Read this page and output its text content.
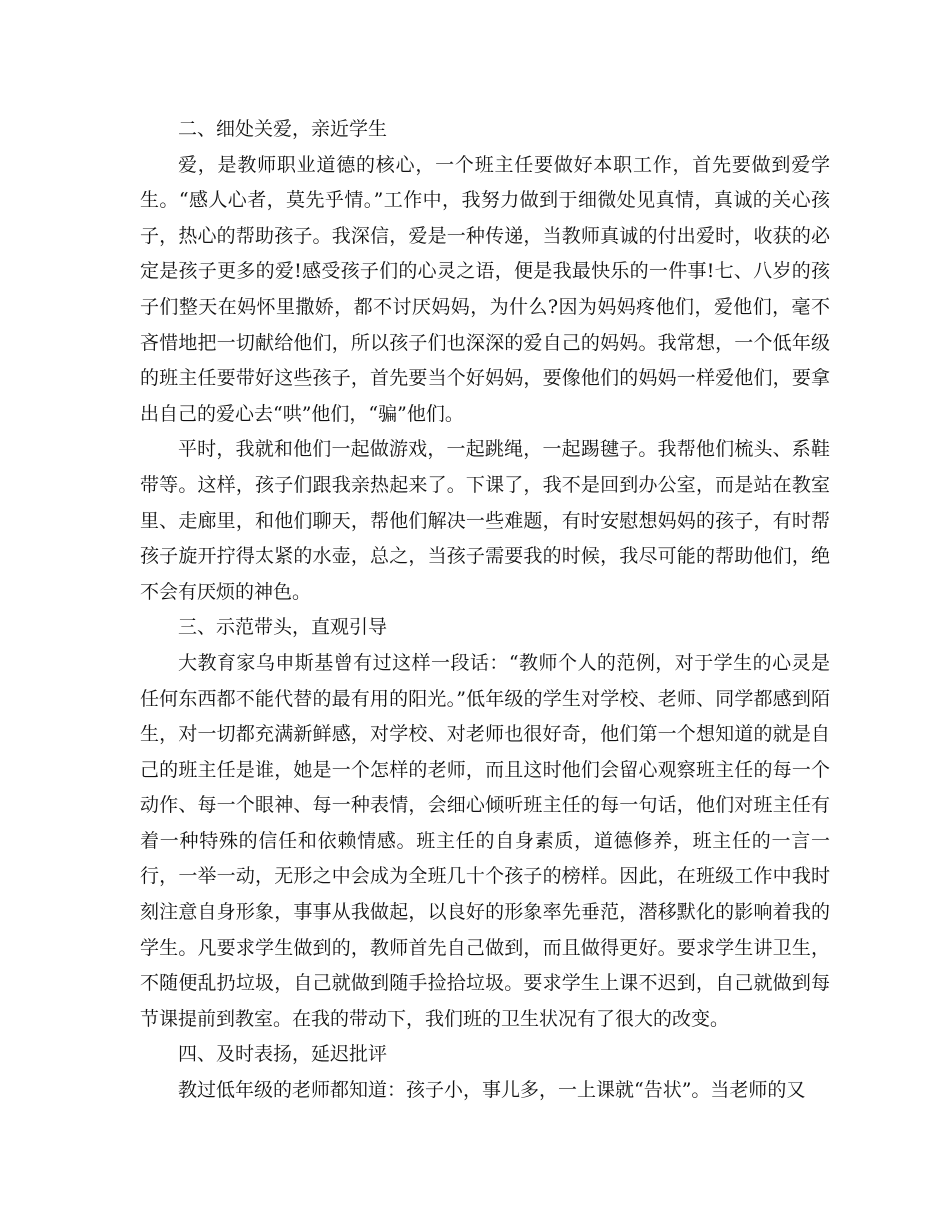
二、细处关爱，亲近学生

爱，是教师职业道德的核心，一个班主任要做好本职工作，首先要做到爱学生。“感人心者，莫先乎情。”工作中，我努力做到于细微处见真情，真诚的关心孩子，热心的帮助孩子。我深信，爱是一种传递，当教师真诚的付出爱时，收获的必定是孩子更多的爱!感受孩子们的心灵之语，便是我最快乐的一件事!七、八岁的孩子们整天在妈怀里撒娇，都不讨厌妈妈，为什么?因为妈妈疼他们，爱他们，毫不吝惜地把一切献给他们，所以孩子们也深深的爱自己的妈妈。我常想，一个低年级的班主任要带好这些孩子，首先要当个好妈妈，要像他们的妈妈一样爱他们，要拿出自己的爱心去“哄”他们，“骗”他们。

平时，我就和他们一起做游戏，一起跳绳，一起踢毽子。我帮他们梳头、系鞋带等。这样，孩子们跟我亲热起来了。下课了，我不是回到办公室，而是站在教室里、走廊里，和他们聊天，帮他们解决一些难题，有时安慰想妈妈的孩子，有时帮孩子旋开拧得太紧的水壶，总之，当孩子需要我的时候，我尽可能的帮助他们，绝不会有厌烦的神色。

三、示范带头，直观引导

大教育家乌申斯基曾有过这样一段话：“教师个人的范例，对于学生的心灵是任何东西都不能代替的最有用的阳光。”低年级的学生对学校、老师、同学都感到陌生，对一切都充满新鲜感，对学校、对老师也很好奇，他们第一个想知道的就是自己的班主任是谁，她是一个怎样的老师，而且这时他们会留心观察班主任的每一个动作、每一个眼神、每一种表情，会细心倾听班主任的每一句话，他们对班主任有着一种特殊的信任和依赖情感。班主任的自身素质，道德修养，班主任的一言一行，一举一动，无形之中会成为全班几十个孩子的榜样。因此，在班级工作中我时刻注意自身形象，事事从我做起，以良好的形象率先垂范，潜移默化的影响着我的学生。凡要求学生做到的，教师首先自己做到，而且做得更好。要求学生讲卫生，不随便乱扔垃圾，自己就做到随手捡拾垃圾。要求学生上课不迟到，自己就做到每节课提前到教室。在我的带动下，我们班的卫生状况有了很大的改变。

四、及时表扬，延迟批评

教过低年级的老师都知道：孩子小，事儿多，一上课就“告状”。当老师的又
